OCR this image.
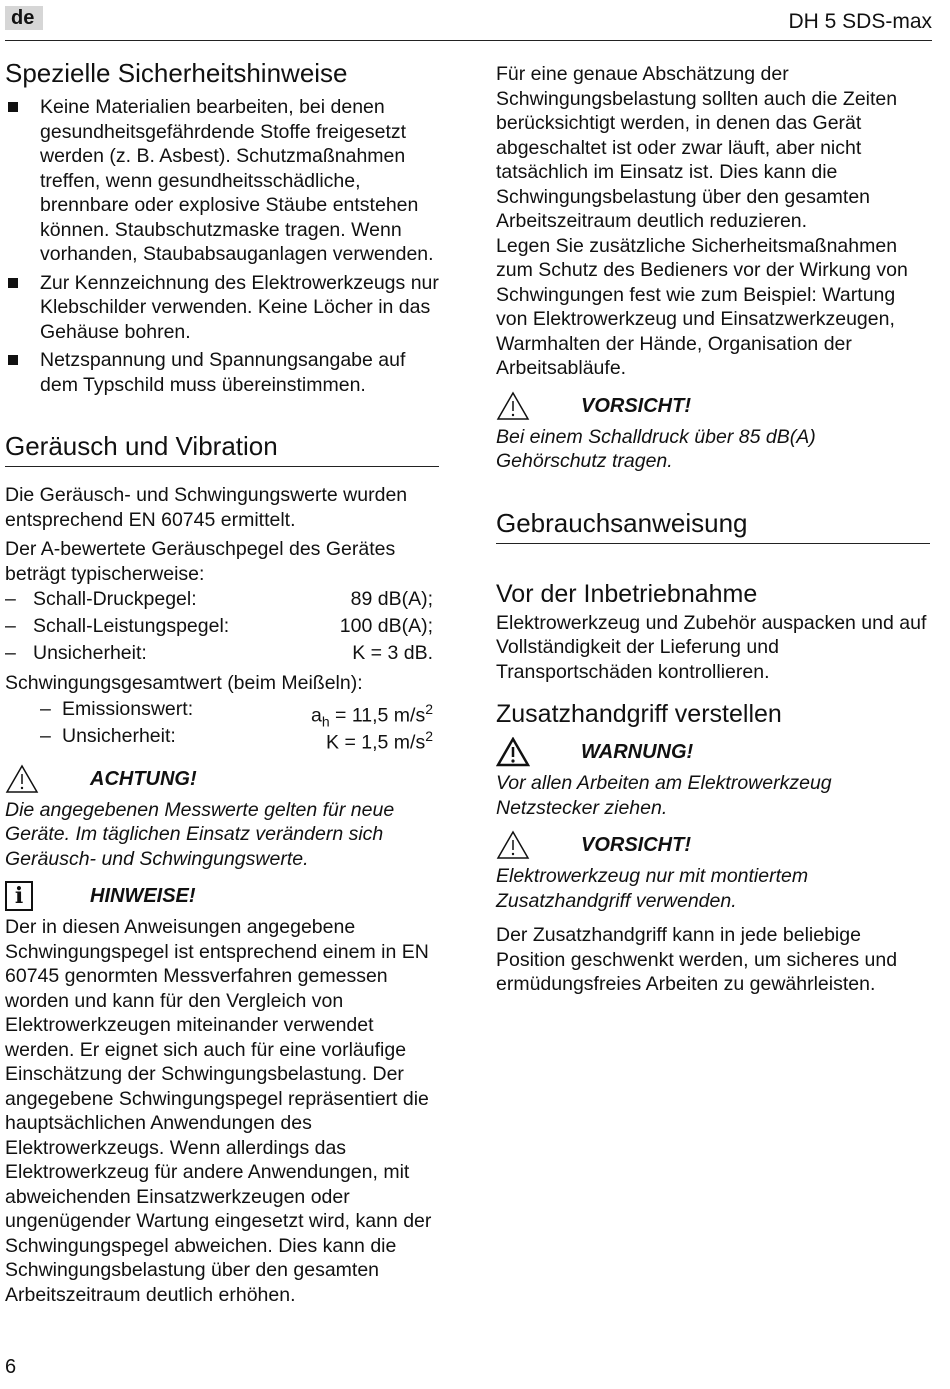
de	DH 5 SDS-max
Spezielle Sicherheitshinweise
Keine Materialien bearbeiten, bei denen gesundheitsgefährdende Stoffe freigesetzt werden (z. B. Asbest). Schutzmaßnahmen treffen, wenn gesundheitsschädliche, brennbare oder explosive Stäube entstehen können. Staubschutzmaske tragen. Wenn vorhanden, Staubabsauganlagen verwenden.
Zur Kennzeichnung des Elektrowerkzeugs nur Klebschilder verwenden. Keine Löcher in das Gehäuse bohren.
Netzspannung und Spannungsangabe auf dem Typschild muss übereinstimmen.
Geräusch und Vibration

Die Geräusch- und Schwingungswerte wurden entsprechend EN 60745 ermittelt.

Der A-bewertete Geräuschpegel des Gerätes beträgt typischerweise:

– Schall-Druckpegel:	89 dB(A);
– Schall-Leistungspegel:	100 dB(A);
– Unsicherheit:	K = 3 dB.

Schwingungsgesamtwert (beim Meißeln):

– Emissionswert:	$a_h = 11,5$ $m/s^2$
– Unsicherheit:	K = 1,5 $m/s^2$
ACHTUNG!

Die angegebenen Messwerte gelten für neue Geräte. Im täglichen Einsatz verändern sich Geräusch- und Schwingungswerte.

i	HINWEISE!

Der in diesen Anweisungen angegebene Schwingungspegel ist entsprechend einem in EN 60745 genormten Messverfahren gemessen worden und kann für den Vergleich von Elektrowerkzeugen miteinander verwendet werden. Er eignet sich auch für eine vorläufige Einschätzung der Schwingungsbelastung. Der angegebene Schwingungspegel repräsentiert die hauptsächlichen Anwendungen des Elektrowerkzeugs. Wenn allerdings das Elektrowerkzeug für andere Anwendungen, mit abweichenden Einsatzwerkzeugen oder ungenügender Wartung eingesetzt wird, kann der Schwingungspegel abweichen. Dies kann die Schwingungsbelastung über den gesamten Arbeitszeitraum deutlich erhöhen.

Für eine genaue Abschätzung der Schwingungsbelastung sollten auch die Zeiten berücksichtigt werden, in denen das Gerät abgeschaltet ist oder zwar läuft, aber nicht tatsächlich im Einsatz ist. Dies kann die Schwingungsbelastung über den gesamten Arbeitszeitraum deutlich reduzieren.

Legen Sie zusätzliche Sicherheitsmaßnahmen zum Schutz des Bedieners vor der Wirkung von Schwingungen fest wie zum Beispiel: Wartung von Elektrowerkzeug und Einsatzwerkzeugen, Warmhalten der Hände, Organisation der Arbeitsabläufe.

VORSICHT!

Bei einem Schalldruck über 85 dB(A) Gehörschutz tragen.

Gebrauchsanweisung
Vor der Inbetriebnahme

Elektrowerkzeug und Zubehör auspacken und auf Vollständigkeit der Lieferung und Transportschäden kontrollieren.

Zusatzhandgriff verstellen
WARNUNG!

Vor allen Arbeiten am Elektrowerkzeug Netzstecker ziehen.

VORSICHT!

Elektrowerkzeug nur mit montiertem Zusatzhandgriff verwenden.

Der Zusatzhandgriff kann in jede beliebige Position geschwenkt werden, um sicheres und ermüdungsfreies Arbeiten zu gewährleisten.

6
